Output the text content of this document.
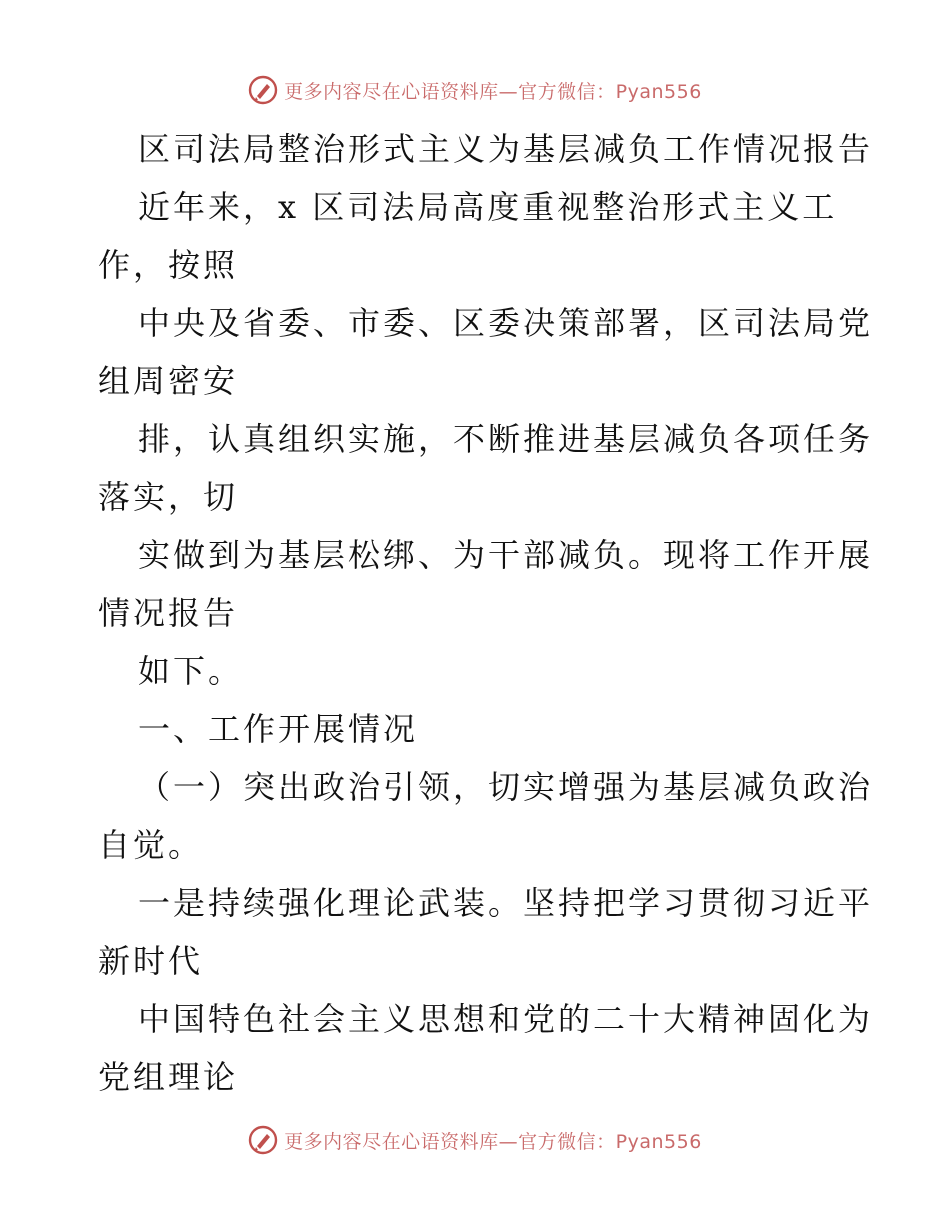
更多内容尽在心语资料库—官方微信：Pyan556
区司法局整治形式主义为基层减负工作情况报告
近年来，x 区司法局高度重视整治形式主义工
作，按照
中央及省委、市委、区委决策部署，区司法局党
组周密安
排，认真组织实施，不断推进基层减负各项任务
落实，切
实做到为基层松绑、为干部减负。现将工作开展
情况报告
如下。
一、工作开展情况
（一）突出政治引领，切实增强为基层减负政治
自觉。
一是持续强化理论武装。坚持把学习贯彻习近平
新时代
中国特色社会主义思想和党的二十大精神固化为
党组理论
更多内容尽在心语资料库—官方微信：Pyan556
